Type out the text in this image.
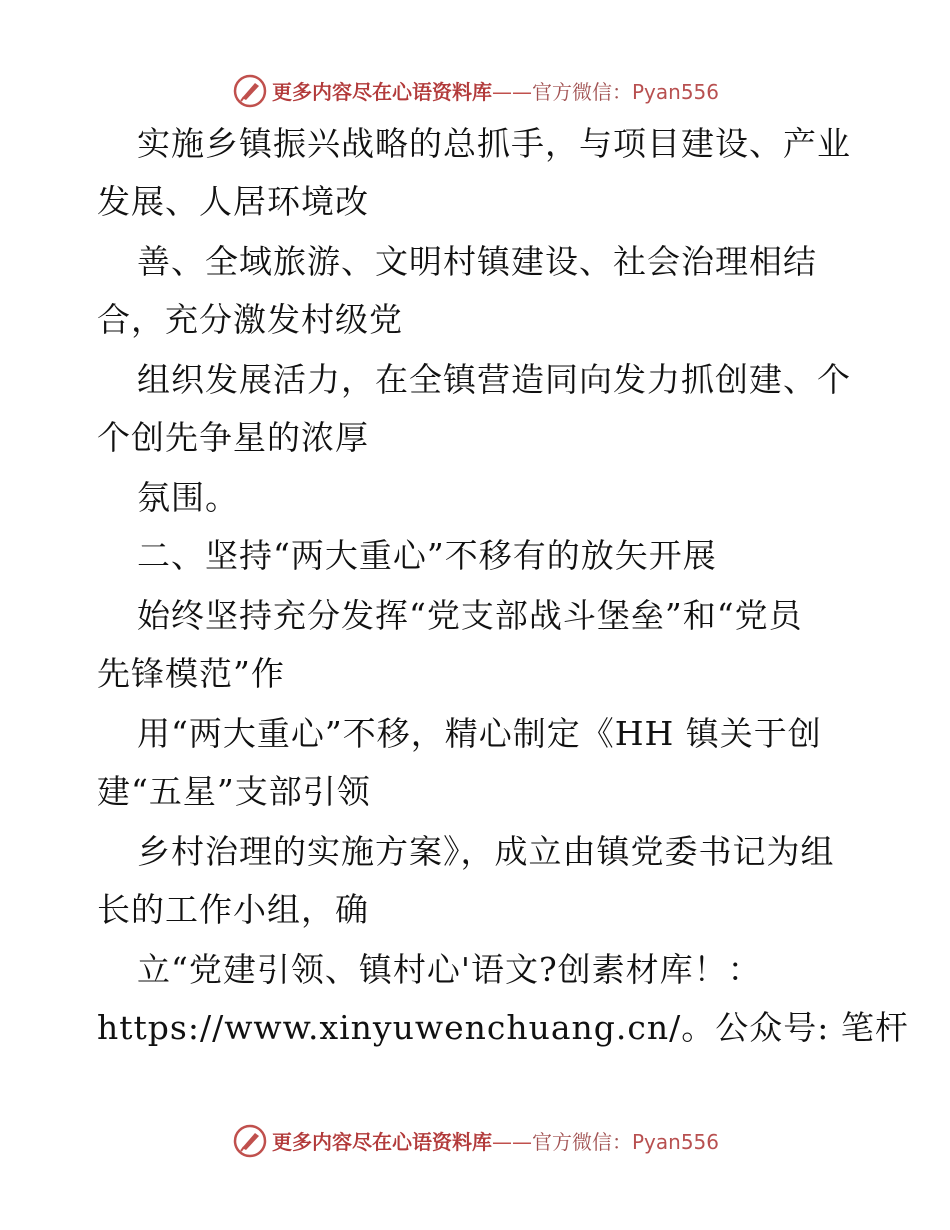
更多内容尽在心语资料库——官方微信：Pyan556
实施乡镇振兴战略的总抓手，与项目建设、产业
发展、人居环境改
善、全域旅游、文明村镇建设、社会治理相结
合，充分激发村级党
组织发展活力，在全镇营造同向发力抓创建、个
个创先争星的浓厚
氛围。
二、坚持“两大重心”不移有的放矢开展
始终坚持充分发挥“党支部战斗堡垒”和“党员
先锋模范”作
用“两大重心”不移，精心制定《HH 镇关于创
建“五星”支部引领
乡村治理的实施方案》，成立由镇党委书记为组
长的工作小组，确
立“党建引领、镇村心'语文?创素材库！：
https://www.xinyuwenchuang.cn/。公众号: 笔杆
更多内容尽在心语资料库——官方微信：Pyan556
